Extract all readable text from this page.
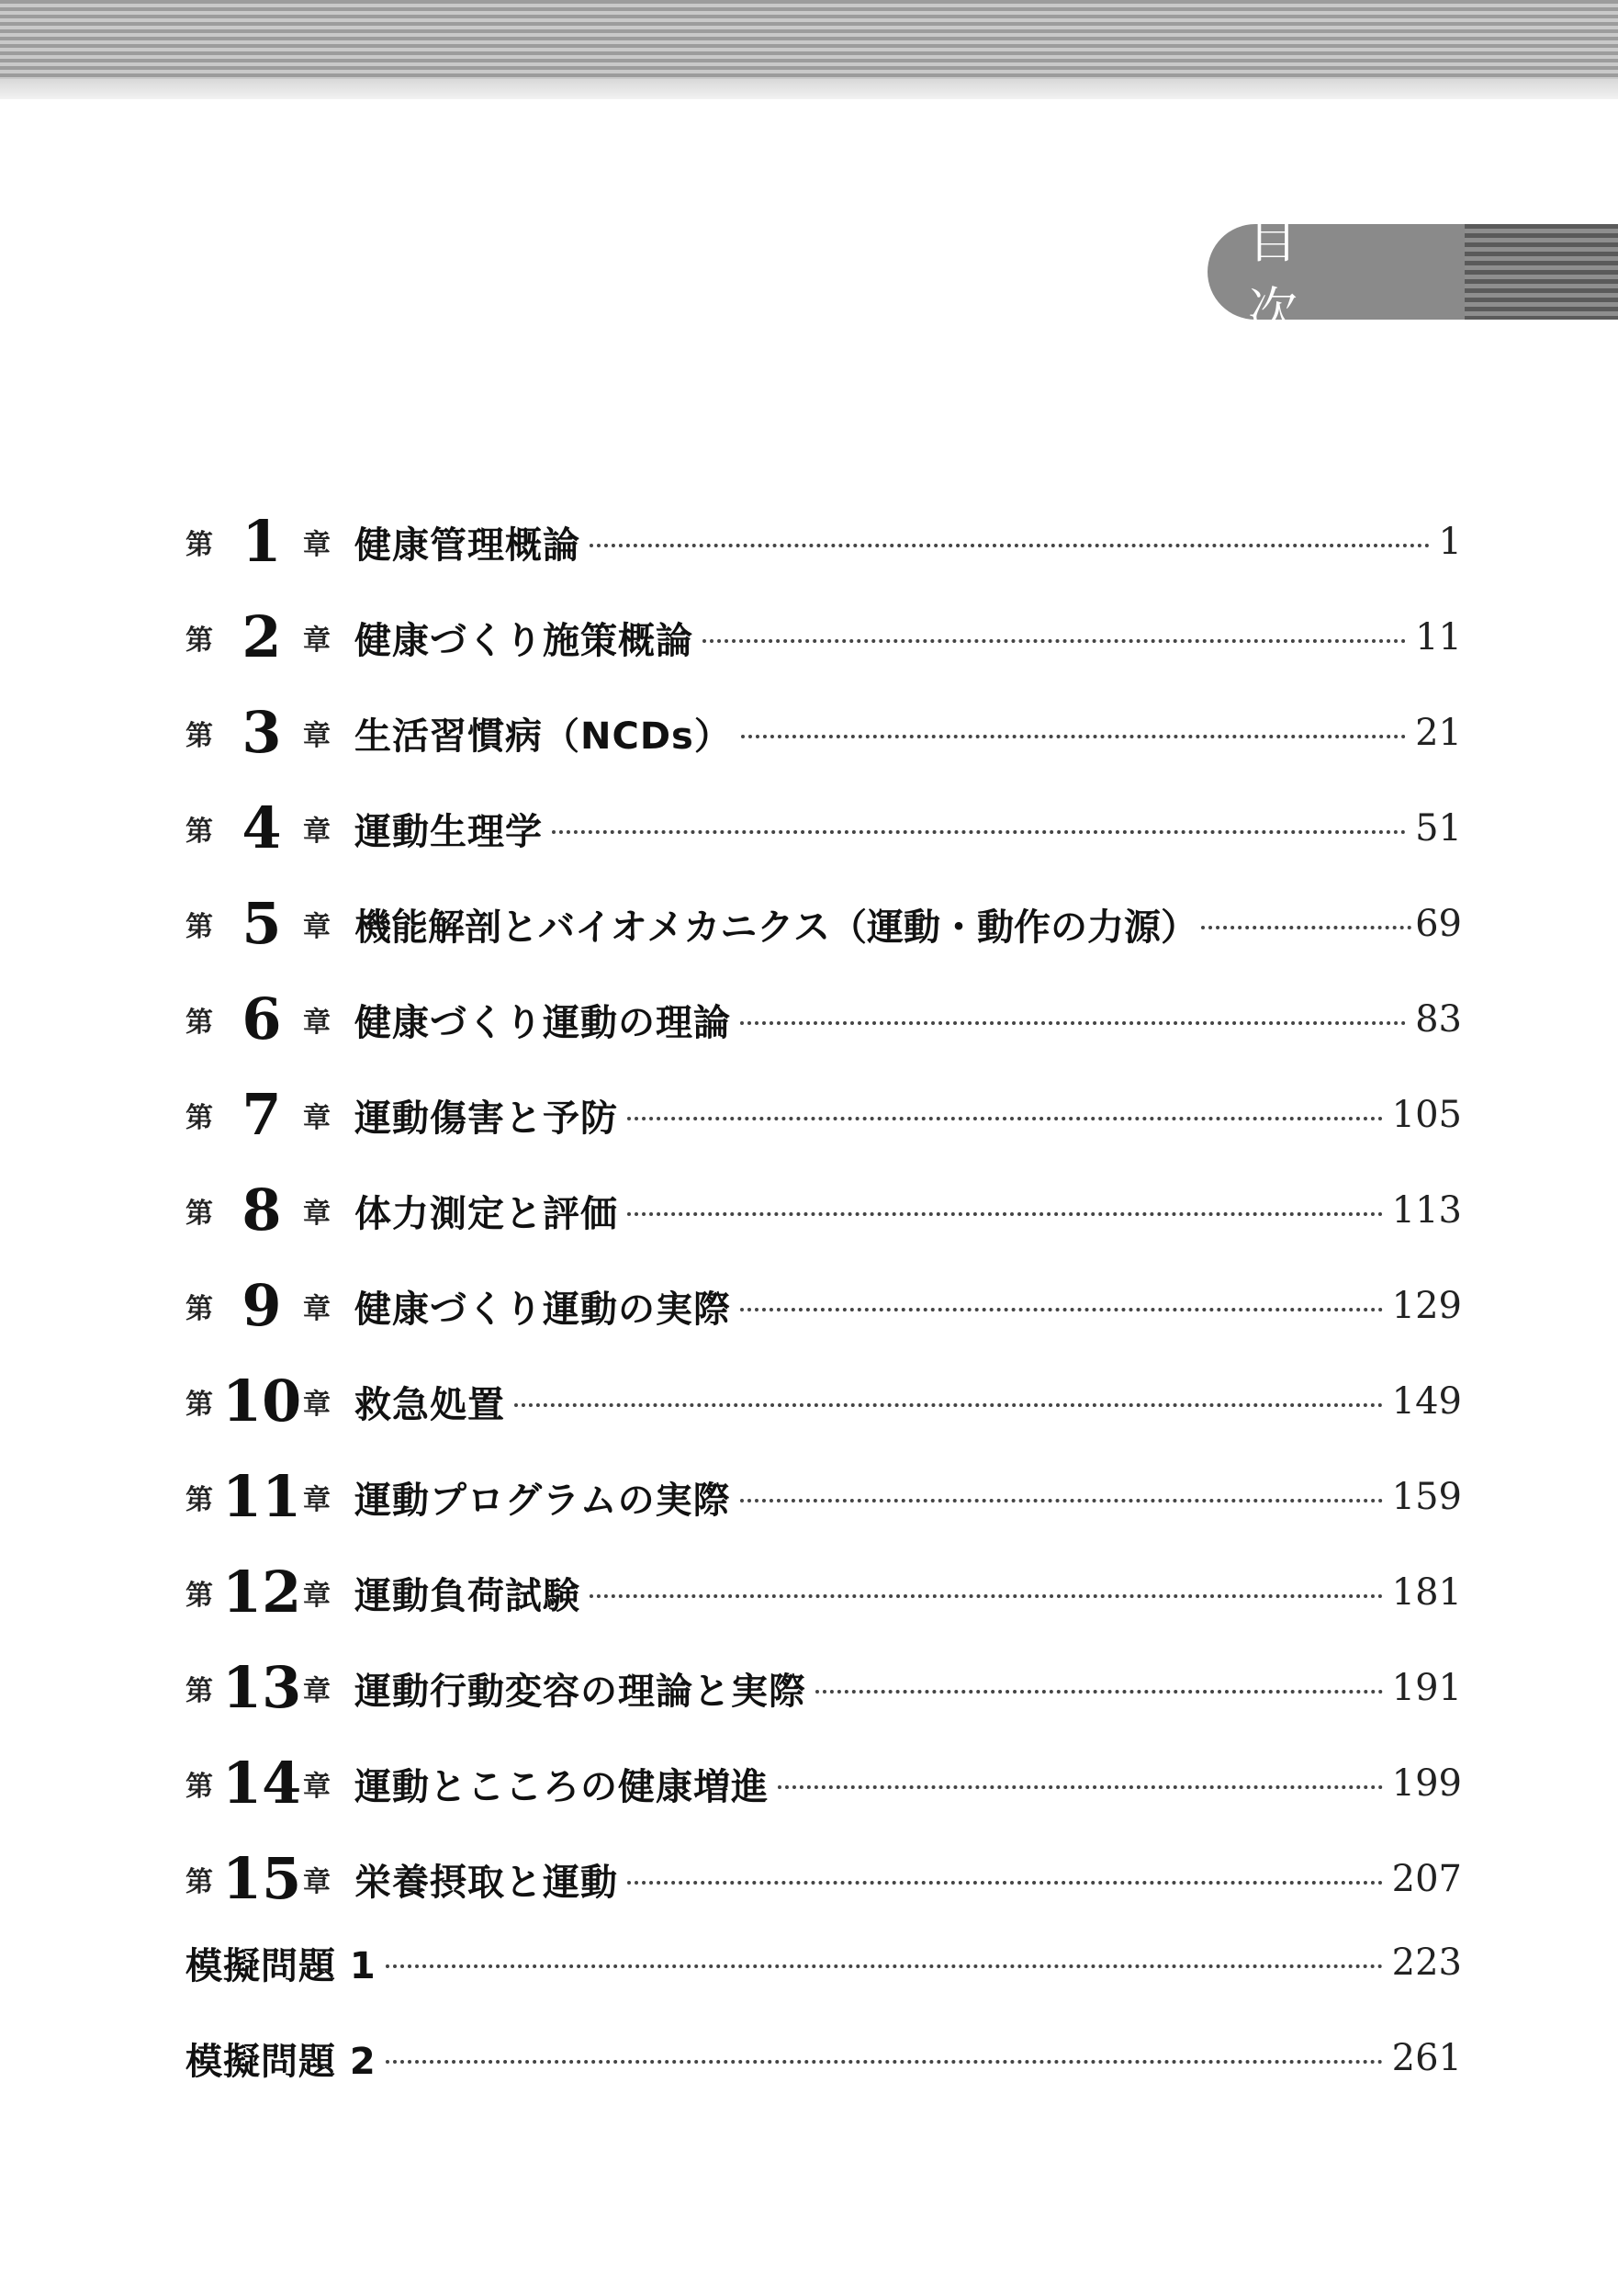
目　次
第 1 章 健康管理概論	1
第 2 章 健康づくり施策概論	11
第 3 章 生活習慣病（NCDs）	21
第 4 章 運動生理学	51
第 5 章 機能解剖とバイオメカニクス（運動・動作の力源）	69
第 6 章 健康づくり運動の理論	83
第 7 章 運動傷害と予防	105
第 8 章 体力測定と評価	113
第 9 章 健康づくり運動の実際	129
第 10 章 救急処置	149
第 11 章 運動プログラムの実際	159
第 12 章 運動負荷試験	181
第 13 章 運動行動変容の理論と実際	191
第 14 章 運動とこころの健康増進	199
第 15 章 栄養摂取と運動	207
模擬問題 1	223
模擬問題 2	261
